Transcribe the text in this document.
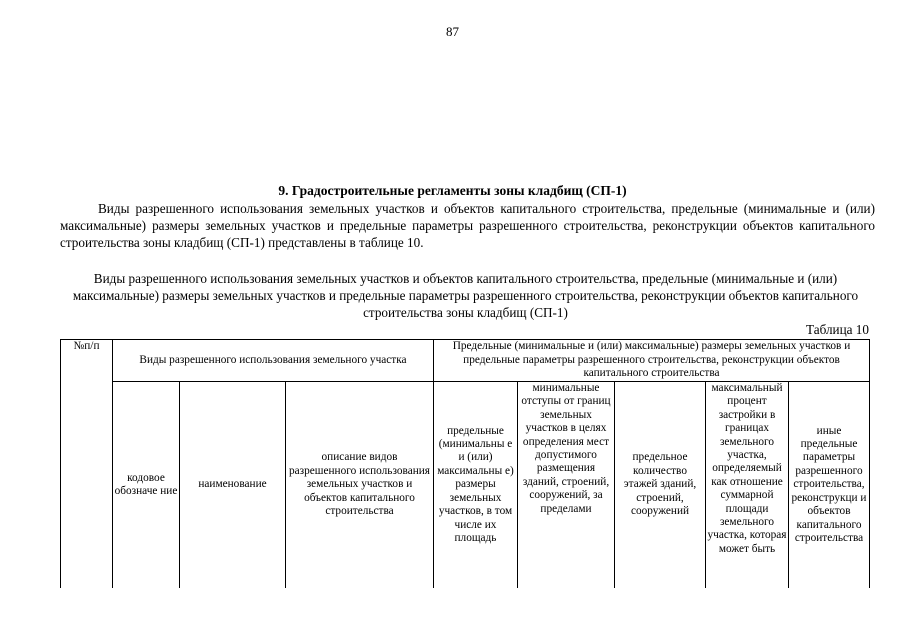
87
9. Градостроительные регламенты зоны кладбищ (СП-1)

Виды разрешенного использования земельных участков и объектов капитального строительства, предельные (минимальные и (или) максимальные) размеры земельных участков и предельные параметры разрешенного строительства, реконструкции объектов капитального строительства зоны кладбищ (СП-1) представлены в таблице 10.

Виды разрешенного использования земельных участков и объектов капитального строительства, предельные (минимальные и (или) максимальные) размеры земельных участков и предельные параметры разрешенного строительства, реконструкции объектов капитального строительства зоны кладбищ (СП-1)

Таблица 10
№п/п	Виды разрешенного использования земельного участка			Предельные (минимальные и (или) максимальные) размеры земельных участков и предельные параметры разрешенного строительства, реконструкции объектов капитального строительства				
	кодовое обозначе ние	наименование	описание видов разрешенного использования земельных участков и объектов капитального строительства	предельные (минимальны е и (или) максимальны е) размеры земельных участков, в том числе их площадь	минимальные отступы от границ земельных участков в целях определения мест допустимого размещения зданий, строений, сооружений, за пределами	предельное количество этажей зданий, строений, сооружений	максимальный процент застройки в границах земельного участка, определяемый как отношение суммарной площади земельного участка, которая может быть	иные предельные параметры разрешенного строительства, реконструкци и объектов капитального строительства
